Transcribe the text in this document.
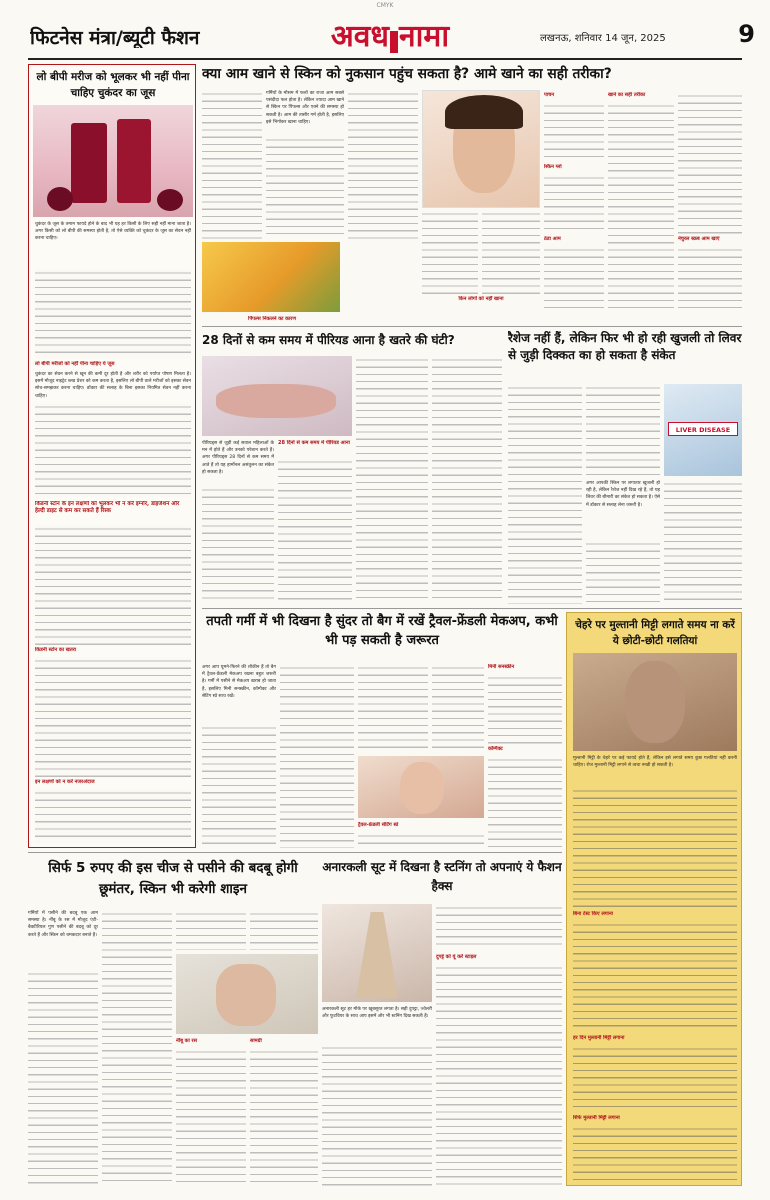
CMYK
फिटनेस मंत्रा/ब्यूटी फैशन	अवध नामा	लखनऊ, शनिवार 14 जून, 2025	9
लो बीपी मरीज को भूलकर भी नहीं पीना चाहिए चुकंदर का जूस
चुकंदर के जूस के तमाम फायदे होने के बाद भी यह हर किसी के लिए सही नहीं माना जाता है। अगर किसी को लो बीपी की समस्या होती है, तो ऐसे व्यक्ति को चुकंदर के जूस का सेवन नहीं करना चाहिए।
लो बीपी मरीजों को नहीं पीना चाहिए ये जूस
चुकंदर का सेवन करने से खून की कमी दूर होती है और शरीर को पर्याप्त पोषण मिलता है। इसमें मौजूद नाइट्रेट ब्लड प्रेशर को कम करता है, इसलिए लो बीपी वाले मरीजों को इसका सेवन सोच-समझकर करना चाहिए। डॉक्टर की सलाह के बिना इसका नियमित सेवन नहीं करना चाहिए।
किडनी स्टोन के इन लक्षणों को भूलकर भी न करें इग्नोर, डाइजेशन और हेल्दी डाइट से कम कर सकते हैं रिस्क
किडनी स्टोन का खतरा
इन लक्षणों को न करें नजरअंदाज
क्या आम खाने से स्किन को नुकसान पहुंच सकता है? आमे खाने का सही तरीका?
गर्मियों के मौसम में फलों का राजा आम सबसे पसंदीदा फल होता है। लेकिन ज्यादा आम खाने से स्किन पर पिंपल्स और एक्ने की समस्या हो सकती है। आम की तासीर गर्म होती है, इसलिए इसे भिगोकर खाना चाहिए।
पिंपल्स निकलने का कारण
किन लोगों को नहीं खाना
पाचन
स्किन ग्लो
ठंडा आम
खाने का सही तरीका
नेचुरल स्क्रब आम खाएं
28 दिनों से कम समय में पीरियड आना है खतरे की घंटी?
पीरियड्स से जुड़ी कई सवाल महिलाओं के मन में होते हैं और उनको परेशान करते हैं। अगर पीरियड्स 28 दिनों से कम समय में आते हैं तो यह हार्मोनल असंतुलन का संकेत हो सकता है।
28 दिनों से कम समय में पीरियड आना
रैशेज नहीं हैं, लेकिन फिर भी हो रही खुजली तो लिवर से जुड़ी दिक्कत का हो सकता है संकेत
LIVER DISEASE
अगर आपकी स्किन पर लगातार खुजली हो रही है, लेकिन रैशेज नहीं दिख रहे हैं, तो यह लिवर की बीमारी का संकेत हो सकता है। ऐसे में डॉक्टर से सलाह लेना जरूरी है।
तपती गर्मी में भी दिखना है सुंदर तो बैग में रखें ट्रैवल-फ्रेंडली मेकअप, कभी भी पड़ सकती है जरूरत
अगर आप घूमने-फिरने की शौकीन हैं तो बैग में ट्रैवल-फ्रेंडली मेकअप रखना बहुत जरूरी है। गर्मी में पसीने से मेकअप खराब हो जाता है, इसलिए मिनी सनस्क्रीन, कॉम्पैक्ट और सेटिंग स्प्रे साथ रखें।
ट्रैवल-फ्रेंडली सेटिंग स्प्रे
मिनी सनस्क्रीन
कॉम्पैक्ट
चेहरे पर मुल्तानी मिट्टी लगाते समय ना करें ये छोटी-छोटी गलतियां
मुल्तानी मिट्टी के चेहरे पर कई फायदे होते हैं, लेकिन इसे लगाते समय कुछ गलतियां नहीं करनी चाहिए। रोज मुल्तानी मिट्टी लगाने से त्वचा रूखी हो सकती है।
बिना टेस्ट किए लगाना
हर दिन मुल्तानी मिट्टी लगाना
सिर्फ मुल्तानी मिट्टी लगाना
सिर्फ 5 रुपए की इस चीज से पसीने की बदबू होगी छूमंतर, स्किन भी करेगी शाइन
गर्मियों में पसीने की बदबू एक आम समस्या है। नींबू के रस में मौजूद एंटी-बैक्टीरियल गुण पसीने की बदबू को दूर करते हैं और स्किन को चमकदार बनाते हैं।
नींबू का रस	सामग्री
अनारकली सूट में दिखना है स्टनिंग तो अपनाएं ये फैशन हैक्स
अनारकली सूट हर मौके पर खूबसूरत लगता है। सही दुपट्टा, ज्वेलरी और फुटवियर के साथ आप इसमें और भी स्टनिंग दिख सकती हैं।
दुपट्टे को यूं करें स्टाइल
